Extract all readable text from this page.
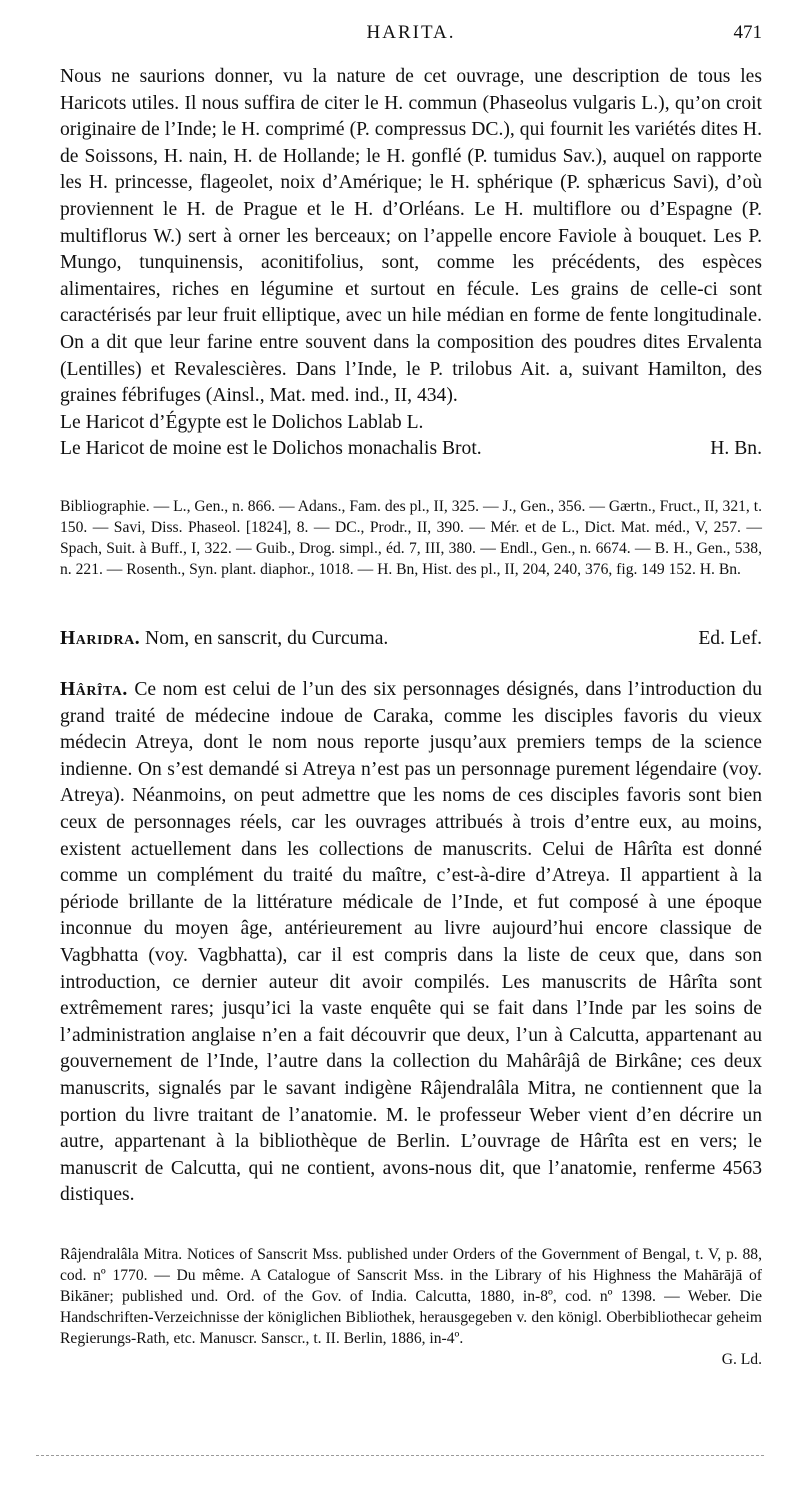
HARITA.	471

Nous ne saurions donner, vu la nature de cet ouvrage, une description de tous les Haricots utiles. Il nous suffira de citer le H. commun (Phaseolus vulgaris L.), qu’on croit originaire de l’Inde; le H. comprimé (P. compressus DC.), qui fournit les variétés dites H. de Soissons, H. nain, H. de Hollande; le H. gonflé (P. tumidus Sav.), auquel on rapporte les H. princesse, flageolet, noix d’Amérique; le H. sphérique (P. sphæricus Savi), d’où proviennent le H. de Prague et le H. d’Orléans. Le H. multiflore ou d’Espagne (P. multiflorus W.) sert à orner les berceaux; on l’appelle encore Faviole à bouquet. Les P. Mungo, tunquinensis, aconitifolius, sont, comme les précédents, des espèces alimentaires, riches en légumine et surtout en fécule. Les grains de celle-ci sont caractérisés par leur fruit elliptique, avec un hile médian en forme de fente longitudinale. On a dit que leur farine entre souvent dans la composition des poudres dites Ervalenta (Lentilles) et Revalescières. Dans l’Inde, le P. trilobus Ait. a, suivant Hamilton, des graines fébrifuges (Ainsl., Mat. med. ind., II, 434).

Le Haricot d’Égypte est le Dolichos Lablab L.

Le Haricot de moine est le Dolichos monachalis Brot.	H. Bn.

Bibliographie. — L., Gen., n. 866. — Adans., Fam. des pl., II, 325. — J., Gen., 356. — Gærtn., Fruct., II, 321, t. 150. — Savi, Diss. Phaseol. [1824], 8. — DC., Prodr., II, 390. — Mér. et de L., Dict. Mat. méd., V, 257. — Spach, Suit. à Buff., I, 322. — Guib., Drog. simpl., éd. 7, III, 380. — Endl., Gen., n. 6674. — B. H., Gen., 538, n. 221. — Rosenth., Syn. plant. diaphor., 1018. — H. Bn, Hist. des pl., II, 204, 240, 376, fig. 149 152. H. Bn.

Haridra. Nom, en sanscrit, du Curcuma.	Ed. Lef.

Hârîta. Ce nom est celui de l’un des six personnages désignés, dans l’introduction du grand traité de médecine indoue de Caraka, comme les disciples favoris du vieux médecin Atreya, dont le nom nous reporte jusqu’aux premiers temps de la science indienne. On s’est demandé si Atreya n’est pas un personnage purement légendaire (voy. Atreya). Néanmoins, on peut admettre que les noms de ces disciples favoris sont bien ceux de personnages réels, car les ouvrages attribués à trois d’entre eux, au moins, existent actuellement dans les collections de manuscrits. Celui de Hârîta est donné comme un complément du traité du maître, c’est-à-dire d’Atreya. Il appartient à la période brillante de la littérature médicale de l’Inde, et fut composé à une époque inconnue du moyen âge, antérieurement au livre aujourd’hui encore classique de Vagbhatta (voy. Vagbhatta), car il est compris dans la liste de ceux que, dans son introduction, ce dernier auteur dit avoir compilés. Les manuscrits de Hârîta sont extrêmement rares; jusqu’ici la vaste enquête qui se fait dans l’Inde par les soins de l’administration anglaise n’en a fait découvrir que deux, l’un à Calcutta, appartenant au gouvernement de l’Inde, l’autre dans la collection du Mahârâjâ de Birkâne; ces deux manuscrits, signalés par le savant indigène Râjendralâla Mitra, ne contiennent que la portion du livre traitant de l’anatomie. M. le professeur Weber vient d’en décrire un autre, appartenant à la bibliothèque de Berlin. L’ouvrage de Hârîta est en vers; le manuscrit de Calcutta, qui ne contient, avons-nous dit, que l’anatomie, renferme 4563 distiques.

Râjendralâla Mitra. Notices of Sanscrit Mss. published under Orders of the Government of Bengal, t. V, p. 88, cod. nº 1770. — Du même. A Catalogue of Sanscrit Mss. in the Library of his Highness the Mahārājā of Bikāner; published und. Ord. of the Gov. of India. Calcutta, 1880, in-8º, cod. nº 1398. — Weber. Die Handschriften-Verzeichnisse der königlichen Bibliothek, herausgegeben v. den königl. Oberbibliothecar geheim Regierungs-Rath, etc. Manuscr. Sanscr., t. II. Berlin, 1886, in-4º.

G. Ld.
